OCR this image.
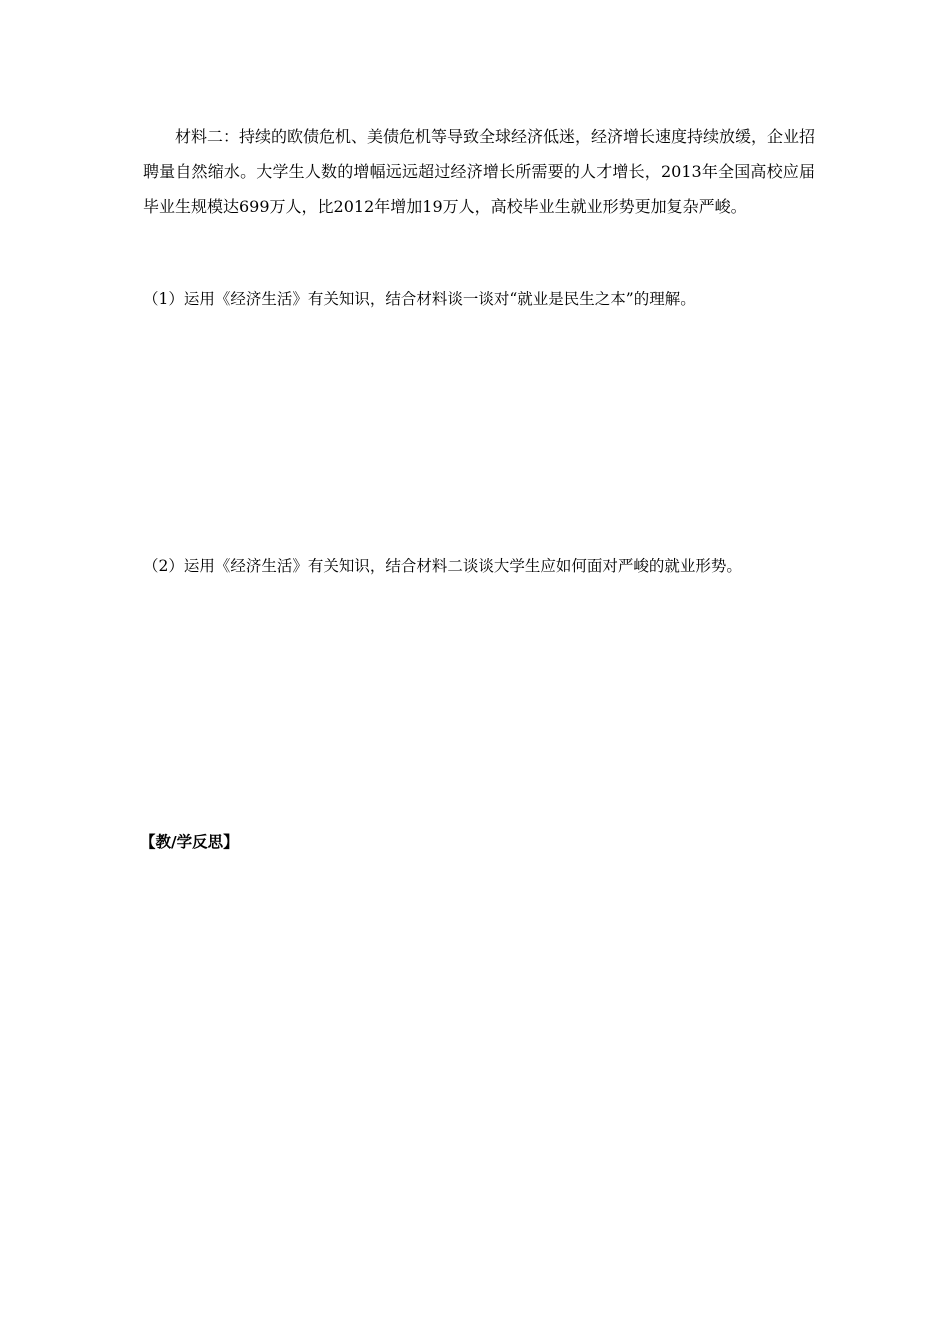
材料二：持续的欧债危机、美债危机等导致全球经济低迷，经济增长速度持续放缓，企业招聘量自然缩水。大学生人数的增幅远远超过经济增长所需要的人才增长，2013年全国高校应届毕业生规模达699万人，比2012年增加19万人，高校毕业生就业形势更加复杂严峻。

（1）运用《经济生活》有关知识，结合材料谈一谈对“就业是民生之本”的理解。

（2）运用《经济生活》有关知识，结合材料二谈谈大学生应如何面对严峻的就业形势。

【教/学反思】
